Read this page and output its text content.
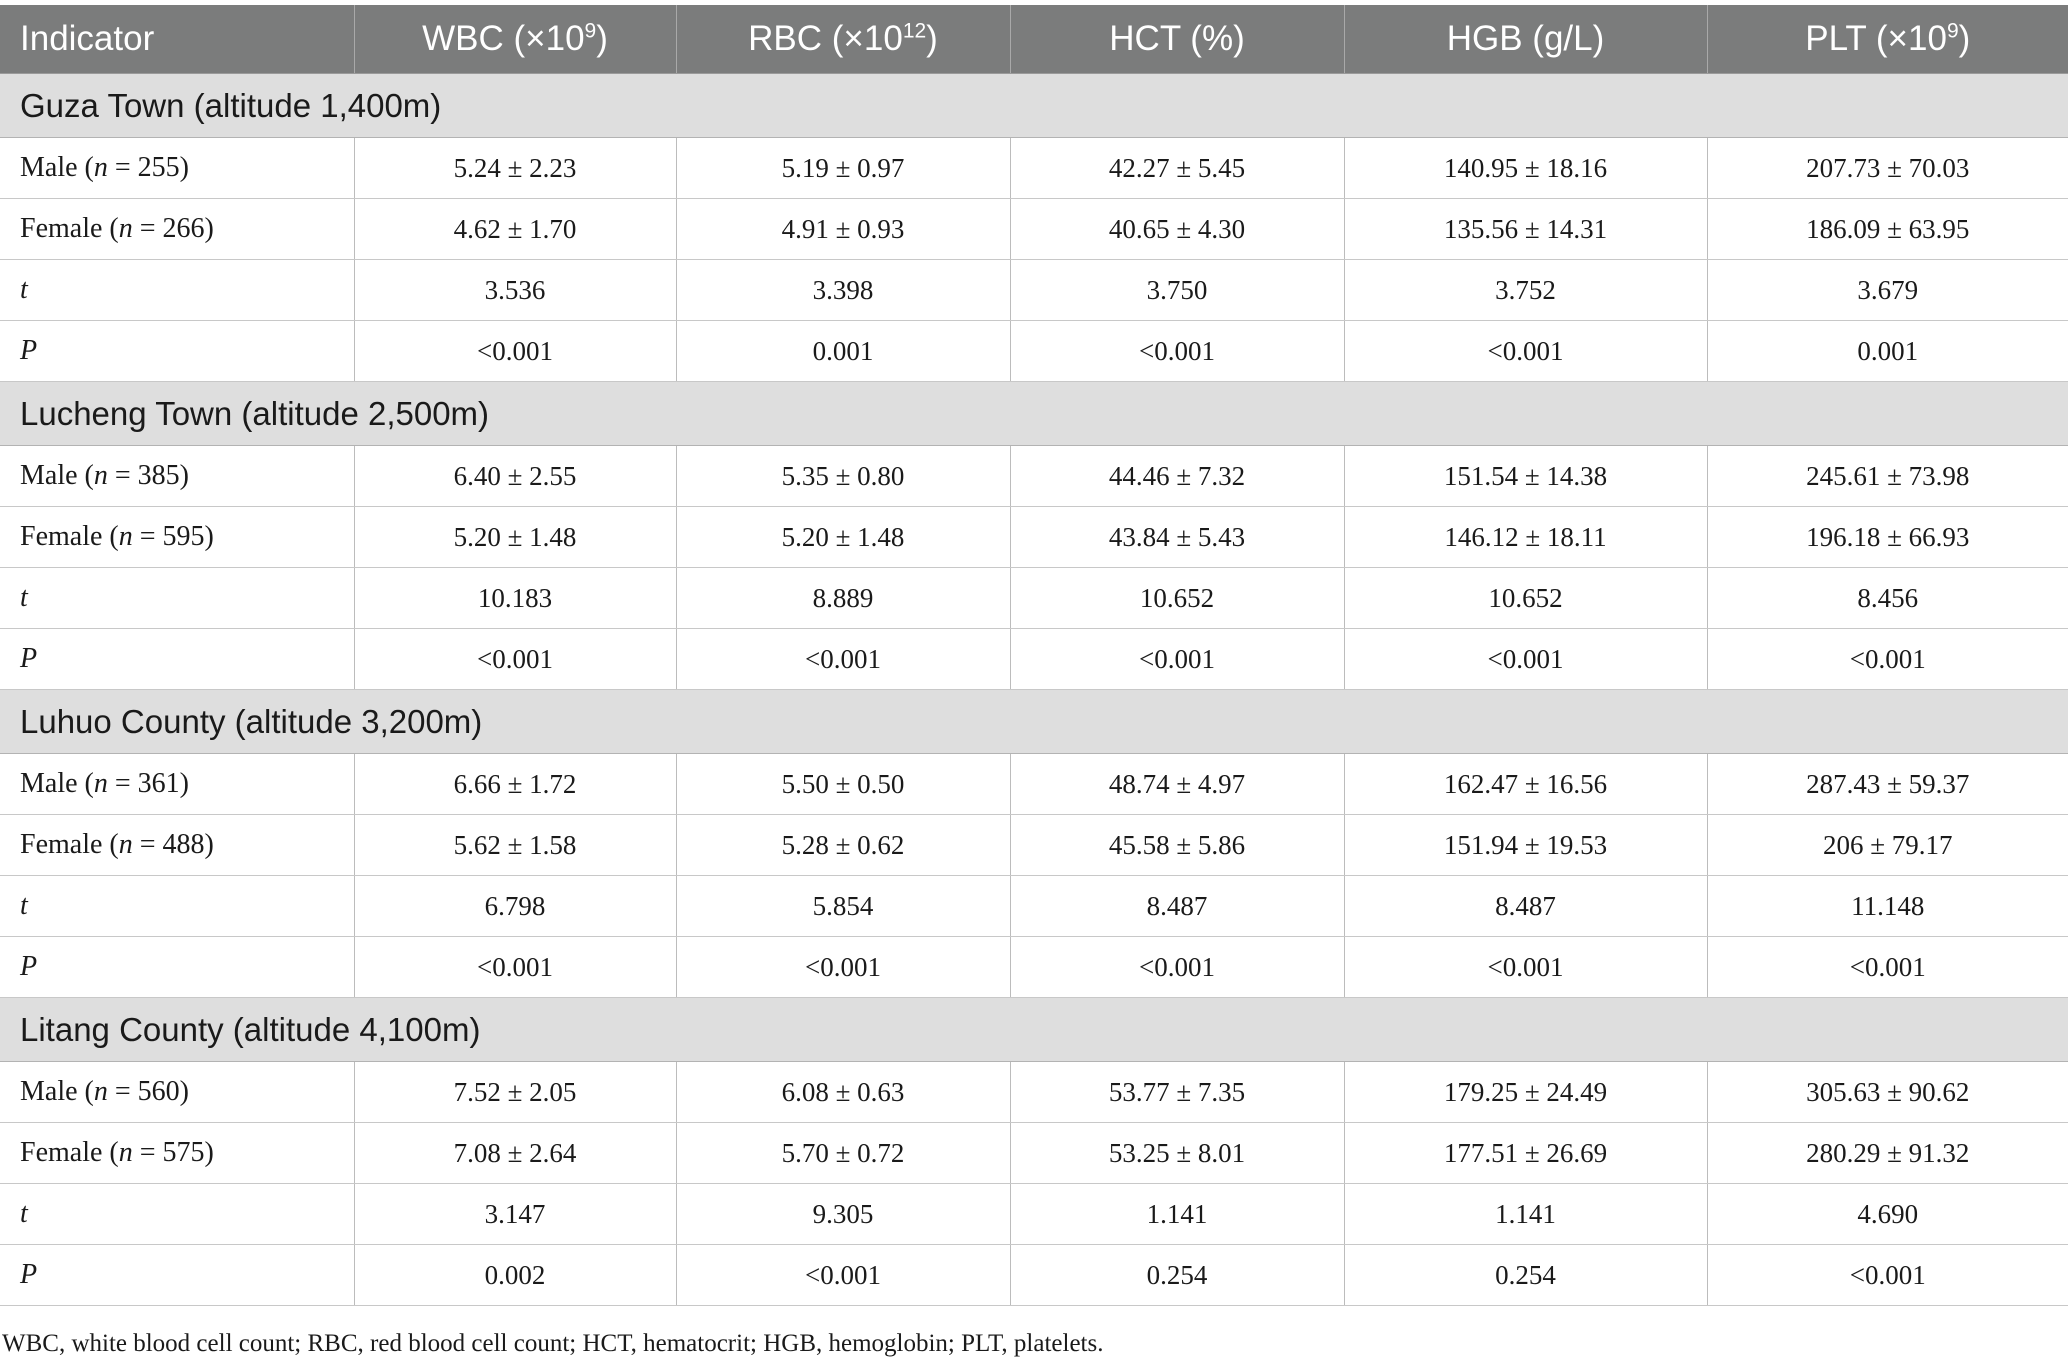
Indicator	WBC $(\times 10^9)$	RBC $(\times 10^{12})$	HCT (%)	HGB (g/L)	PLT $(\times 10^9)$
Guza Town (altitude 1,400m)					
Male (n = 255)	5.24 ± 2.23	5.19 ± 0.97	42.27 ± 5.45	140.95 ± 18.16	207.73 ± 70.03
Female (n = 266)	4.62 ± 1.70	4.91 ± 0.93	40.65 ± 4.30	135.56 ± 14.31	186.09 ± 63.95
t	3.536	3.398	3.750	3.752	3.679
P	<0.001	0.001	<0.001	<0.001	0.001
Lucheng Town (altitude 2,500m)					
Male (n = 385)	6.40 ± 2.55	5.35 ± 0.80	44.46 ± 7.32	151.54 ± 14.38	245.61 ± 73.98
Female (n = 595)	5.20 ± 1.48	5.20 ± 1.48	43.84 ± 5.43	146.12 ± 18.11	196.18 ± 66.93
t	10.183	8.889	10.652	10.652	8.456
P	<0.001	<0.001	<0.001	<0.001	<0.001
Luhuo County (altitude 3,200m)					
Male (n = 361)	6.66 ± 1.72	5.50 ± 0.50	48.74 ± 4.97	162.47 ± 16.56	287.43 ± 59.37
Female (n = 488)	5.62 ± 1.58	5.28 ± 0.62	45.58 ± 5.86	151.94 ± 19.53	206 ± 79.17
t	6.798	5.854	8.487	8.487	11.148
P	<0.001	<0.001	<0.001	<0.001	<0.001
Litang County (altitude 4,100m)					
Male (n = 560)	7.52 ± 2.05	6.08 ± 0.63	53.77 ± 7.35	179.25 ± 24.49	305.63 ± 90.62
Female (n = 575)	7.08 ± 2.64	5.70 ± 0.72	53.25 ± 8.01	177.51 ± 26.69	280.29 ± 91.32
t	3.147	9.305	1.141	1.141	4.690
P	0.002	<0.001	0.254	0.254	<0.001
WBC, white blood cell count; RBC, red blood cell count; HCT, hematocrit; HGB, hemoglobin; PLT, platelets.
